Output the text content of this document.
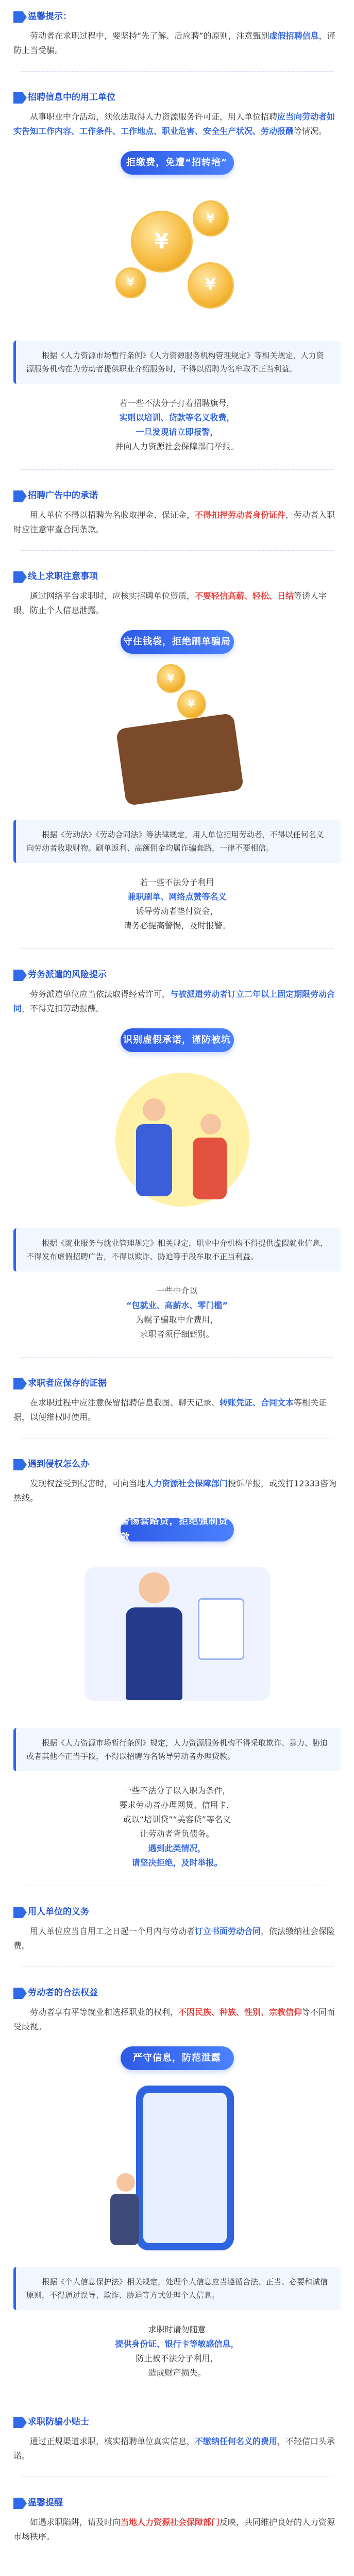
温馨提示：

劳动者在求职过程中，要坚持“先了解、后应聘”的原则，注意甄别虚假招聘信息，谨防上当受骗。

招聘信息中的用工单位

从事职业中介活动，须依法取得人力资源服务许可证，用人单位招聘应当向劳动者如实告知工作内容、工作条件、工作地点、职业危害、安全生产状况、劳动报酬等情况。

拒缴费，免遭“招转培”
¥
¥
¥
¥
根据《人力资源市场暂行条例》《人力资源服务机构管理规定》等相关规定，人力资源服务机构在为劳动者提供职业介绍服务时，不得以招聘为名牟取不正当利益。
若一些不法分子打着招聘旗号，
实则以培训、贷款等名义收费，
一旦发现请立即报警，
并向人力资源社会保障部门举报。
招聘广告中的承诺

用人单位不得以招聘为名收取押金、保证金，不得扣押劳动者身份证件，劳动者入职时应注意审查合同条款。

线上求职注意事项

通过网络平台求职时，应核实招聘单位资质，不要轻信高薪、轻松、日结等诱人字眼，防止个人信息泄露。

守住钱袋，拒绝刷单骗局
¥
¥
根据《劳动法》《劳动合同法》等法律规定，用人单位招用劳动者，不得以任何名义向劳动者收取财物。刷单返利、高额佣金均属诈骗套路，一律不要相信。
若一些不法分子利用
兼职刷单、网络点赞等名义
诱导劳动者垫付资金，
请务必提高警惕，及时报警。
劳务派遣的风险提示

劳务派遣单位应当依法取得经营许可，与被派遣劳动者订立二年以上固定期限劳动合同，不得克扣劳动报酬。

识别虚假承诺，谨防被坑
根据《就业服务与就业管理规定》相关规定，职业中介机构不得提供虚假就业信息，不得发布虚假招聘广告，不得以欺诈、胁迫等手段牟取不正当利益。
一些中介以
“包就业、高薪水、零门槛”
为幌子骗取中介费用，
求职者须仔细甄别。
求职者应保存的证据

在求职过程中应注意保留招聘信息截图、聊天记录、转账凭证、合同文本等相关证据，以便维权时使用。

遇到侵权怎么办

发现权益受到侵害时，可向当地人力资源社会保障部门投诉举报，或拨打12333咨询热线。

警惕套路贷，拒绝强制贷款
根据《人力资源市场暂行条例》规定，人力资源服务机构不得采取欺诈、暴力、胁迫或者其他不正当手段，不得以招聘为名诱导劳动者办理贷款。
一些不法分子以入职为条件，
要求劳动者办理网贷、信用卡，
或以“培训贷”“美容贷”等名义
让劳动者背负债务。
遇到此类情况，
请坚决拒绝，及时举报。
用人单位的义务

用人单位应当自用工之日起一个月内与劳动者订立书面劳动合同，依法缴纳社会保险费。

劳动者的合法权益

劳动者享有平等就业和选择职业的权利，不因民族、种族、性别、宗教信仰等不同而受歧视。

严守信息，防范泄露
根据《个人信息保护法》相关规定，处理个人信息应当遵循合法、正当、必要和诚信原则，不得通过误导、欺诈、胁迫等方式处理个人信息。
求职时请勿随意
提供身份证、银行卡等敏感信息，
防止被不法分子利用，
造成财产损失。
求职防骗小贴士

通过正规渠道求职，核实招聘单位真实信息，不缴纳任何名义的费用，不轻信口头承诺。

温馨提醒

如遇求职陷阱，请及时向当地人力资源社会保障部门反映，共同维护良好的人力资源市场秩序。
